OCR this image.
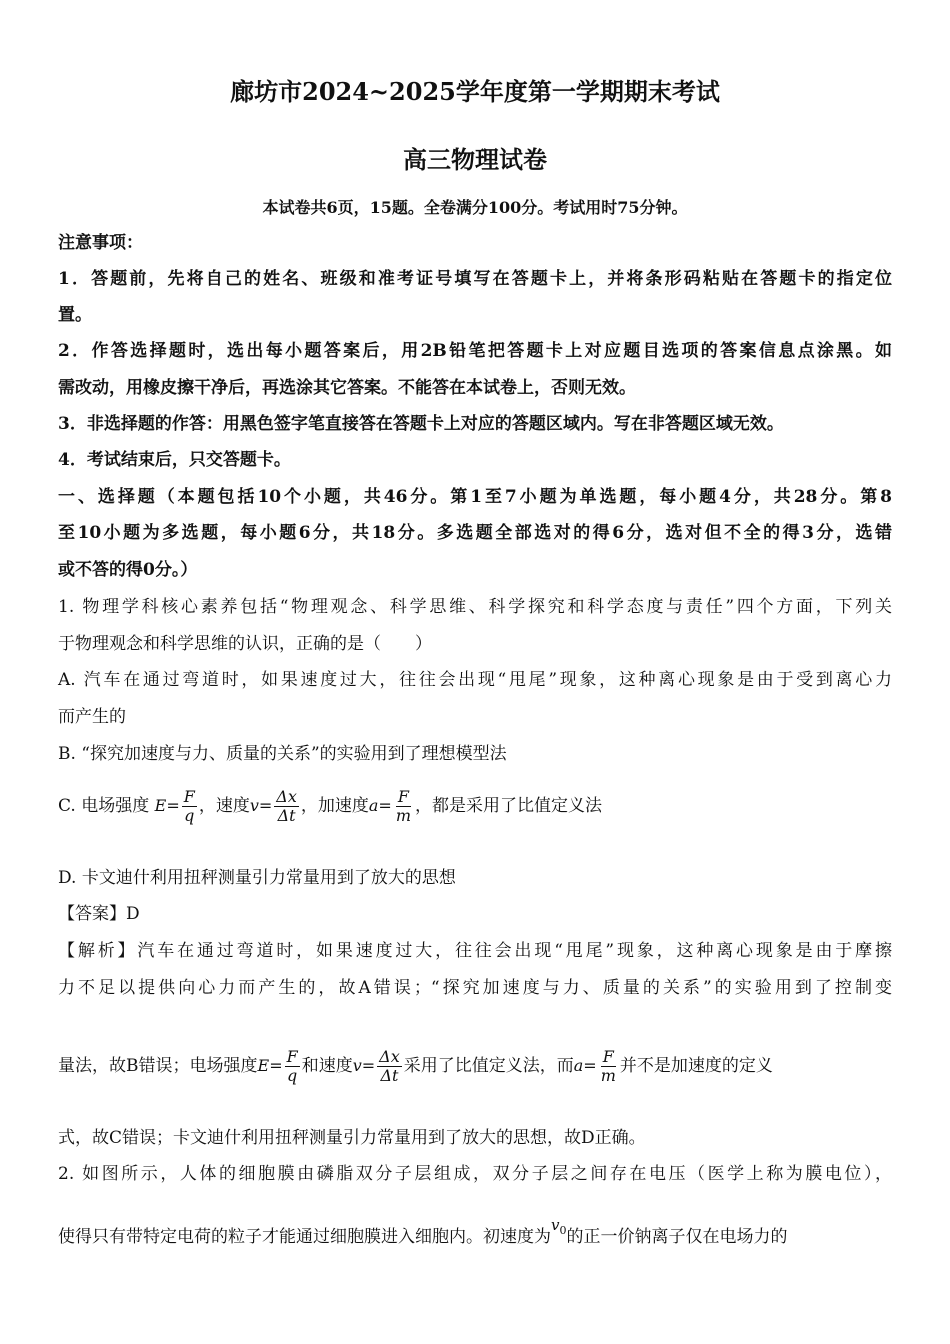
廊坊市2024~2025学年度第一学期期末考试
高三物理试卷
本试卷共6页，15题。全卷满分100分。考试用时75分钟。
注意事项：
1．答题前，先将自己的姓名、班级和准考证号填写在答题卡上，并将条形码粘贴在答题卡的指定位
置。
2．作答选择题时，选出每小题答案后，用2B铅笔把答题卡上对应题目选项的答案信息点涂黑。如
需改动，用橡皮擦干净后，再选涂其它答案。不能答在本试卷上，否则无效。
3．非选择题的作答：用黑色签字笔直接答在答题卡上对应的答题区域内。写在非答题区域无效。
4．考试结束后，只交答题卡。
一、选择题（本题包括10个小题，共46分。第1至7小题为单选题，每小题4分，共28分。第8
至10小题为多选题，每小题6分，共18分。多选题全部选对的得6分，选对但不全的得3分，选错
或不答的得0分。）
1. 物理学科核心素养包括“物理观念、科学思维、科学探究和科学态度与责任”四个方面，下列关
于物理观念和科学思维的认识，正确的是（　　）
A. 汽车在通过弯道时，如果速度过大，往往会出现“甩尾”现象，这种离心现象是由于受到离心力
而产生的
B. “探究加速度与力、质量的关系”的实验用到了理想模型法
C. 电场强度 $E= \frac{F}{q}$ ，速度$v= \frac{\Delta x}{\Delta t}$ ，加速度$a= \frac{F}{m}$ ，都是采用了比值定义法
D. 卡文迪什利用扭秤测量引力常量用到了放大的思想
【答案】D
【解析】汽车在通过弯道时，如果速度过大，往往会出现“甩尾”现象，这种离心现象是由于摩擦
力不足以提供向心力而产生的，故A错误；“探究加速度与力、质量的关系”的实验用到了控制变
量法，故B错误；电场强度$E= \frac{F}{q}$ 和速度$v= \frac{\Delta x}{\Delta t}$ 采用了比值定义法，而$a= \frac{F}{m}$ 并不是加速度的定义
式，故C错误；卡文迪什利用扭秤测量引力常量用到了放大的思想，故D正确。
2. 如图所示，人体的细胞膜由磷脂双分子层组成，双分子层之间存在电压（医学上称为膜电位），
使得只有带特定电荷的粒子才能通过细胞膜进入细胞内。初速度为$v_0$的正一价钠离子仅在电场力的
